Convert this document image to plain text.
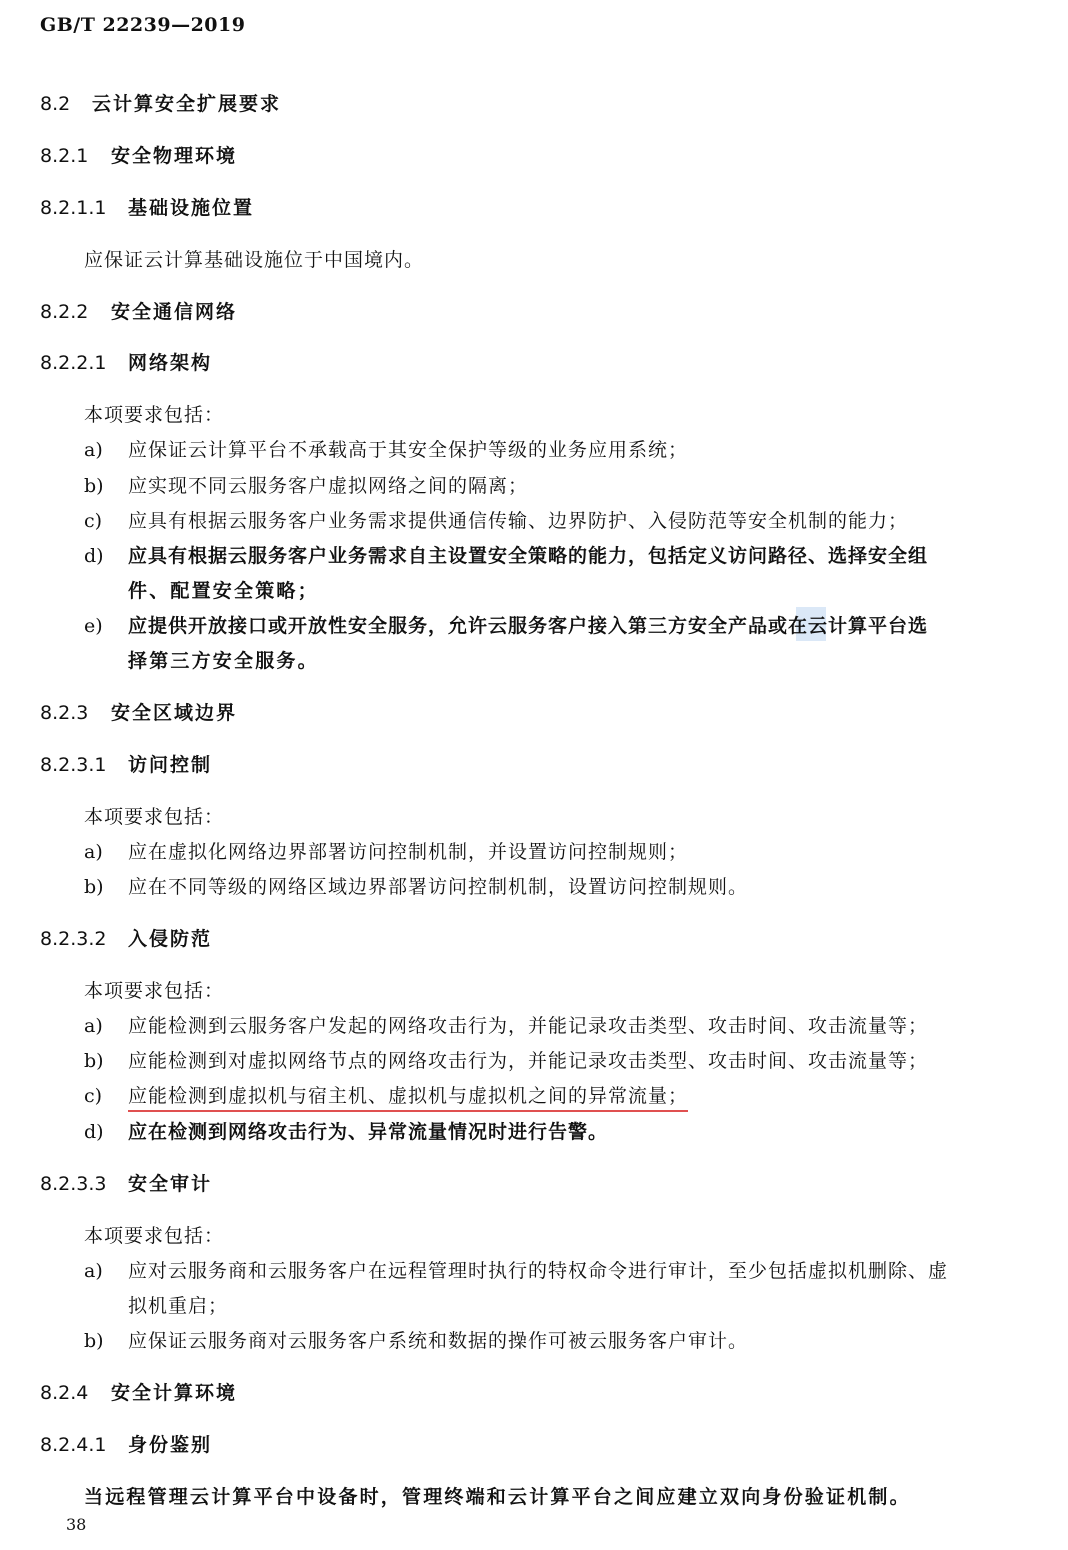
GB/T 22239—2019
8.2 云计算安全扩展要求
8.2.1 安全物理环境
8.2.1.1 基础设施位置
应保证云计算基础设施位于中国境内。
8.2.2 安全通信网络
8.2.2.1 网络架构
本项要求包括：
a) 应保证云计算平台不承载高于其安全保护等级的业务应用系统；
b) 应实现不同云服务客户虚拟网络之间的隔离；
c) 应具有根据云服务客户业务需求提供通信传输、边界防护、入侵防范等安全机制的能力；
d) 应具有根据云服务客户业务需求自主设置安全策略的能力，包括定义访问路径、选择安全组
件、配置安全策略；
e) 应提供开放接口或开放性安全服务，允许云服务客户接入第三方安全产品或在云计算平台选
择第三方安全服务。
8.2.3 安全区域边界
8.2.3.1 访问控制
本项要求包括：
a) 应在虚拟化网络边界部署访问控制机制，并设置访问控制规则；
b) 应在不同等级的网络区域边界部署访问控制机制，设置访问控制规则。
8.2.3.2 入侵防范
本项要求包括：
a) 应能检测到云服务客户发起的网络攻击行为，并能记录攻击类型、攻击时间、攻击流量等；
b) 应能检测到对虚拟网络节点的网络攻击行为，并能记录攻击类型、攻击时间、攻击流量等；
c) 应能检测到虚拟机与宿主机、虚拟机与虚拟机之间的异常流量；
d) 应在检测到网络攻击行为、异常流量情况时进行告警。
8.2.3.3 安全审计
本项要求包括：
a) 应对云服务商和云服务客户在远程管理时执行的特权命令进行审计，至少包括虚拟机删除、虚
拟机重启；
b) 应保证云服务商对云服务客户系统和数据的操作可被云服务客户审计。
8.2.4 安全计算环境
8.2.4.1 身份鉴别
当远程管理云计算平台中设备时，管理终端和云计算平台之间应建立双向身份验证机制。
38
